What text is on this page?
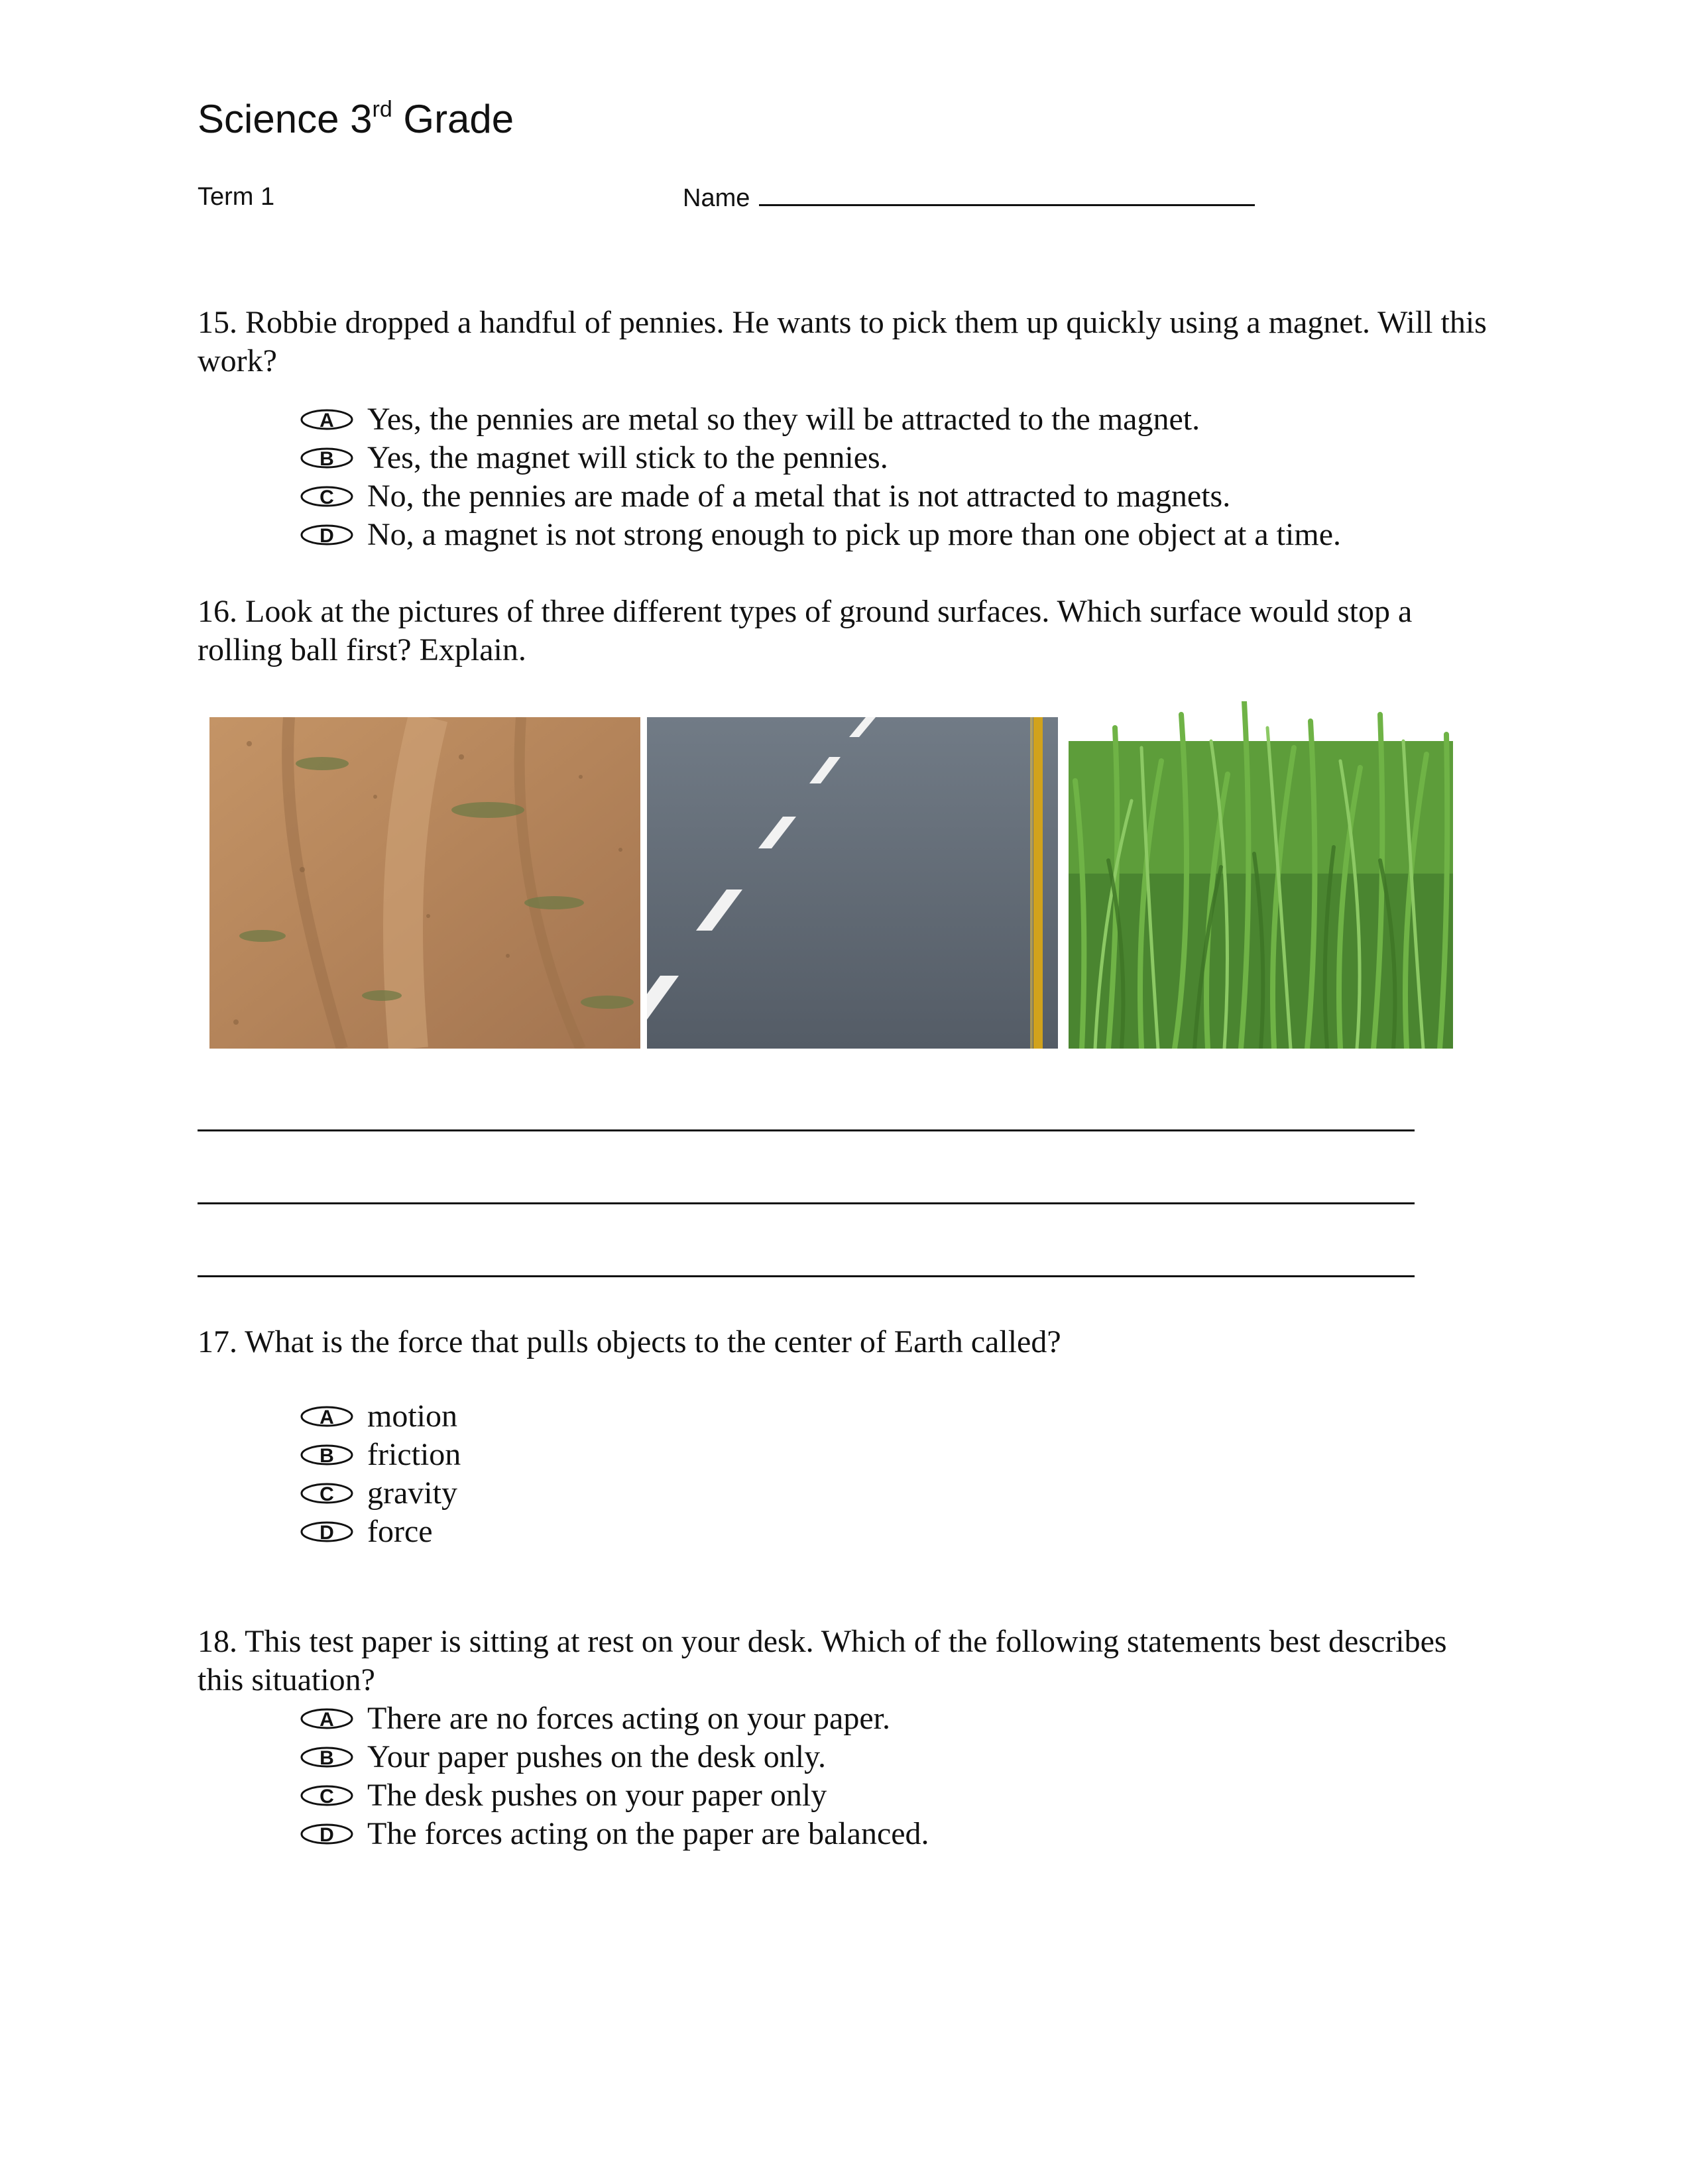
Science 3rd Grade
Term 1	Name
15. Robbie dropped a handful of pennies. He wants to pick them up quickly using a magnet. Will this work?
A Yes, the pennies are metal so they will be attracted to the magnet.
B Yes, the magnet will stick to the pennies.
C No, the pennies are made of a metal that is not attracted to magnets.
D No, a magnet is not strong enough to pick up more than one object at a time.
16. Look at the pictures of three different types of ground surfaces. Which surface would stop a rolling ball first? Explain.
17. What is the force that pulls objects to the center of Earth called?
A motion
B friction
C gravity
D force
18. This test paper is sitting at rest on your desk. Which of the following statements best describes this situation?
A There are no forces acting on your paper.
B Your paper pushes on the desk only.
C The desk pushes on your paper only
D The forces acting on the paper are balanced.
